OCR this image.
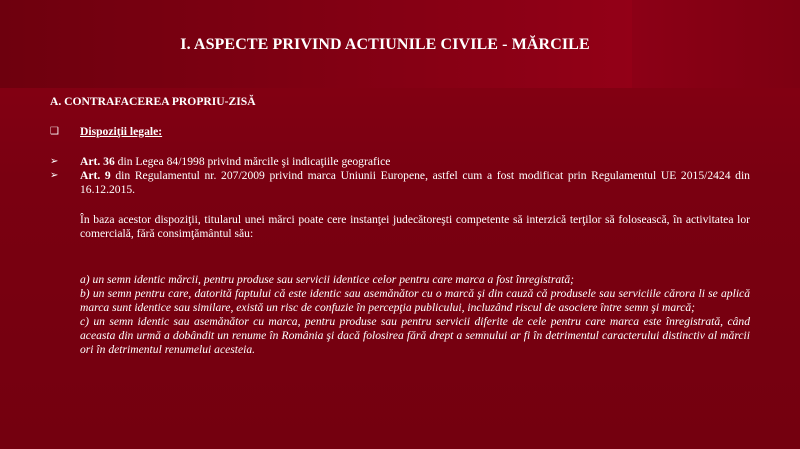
I. ASPECTE PRIVIND ACTIUNILE CIVILE - MĂRCILE
A. CONTRAFACEREA PROPRIU-ZISĂ
❑	Dispoziţii legale:
➢	Art. 36 din Legea 84/1998 privind mărcile şi indicaţiile geografice
➢	Art. 9 din Regulamentul nr. 207/2009 privind marca Uniunii Europene, astfel cum a fost modificat prin Regulamentul UE 2015/2424 din 16.12.2015.
În baza acestor dispoziţii, titularul unei mărci poate cere instanţei judecătoreşti competente să interzică terţilor să folosească, în activitatea lor comercială, fără consimţământul său:
a) un semn identic mărcii, pentru produse sau servicii identice celor pentru care marca a fost înregistrată;
b) un semn pentru care, datorită faptului că este identic sau asemănător cu o marcă şi din cauză că produsele sau serviciile cărora li se aplică marca sunt identice sau similare, există un risc de confuzie în percepţia publicului, incluzând riscul de asociere între semn şi marcă;
c) un semn identic sau asemănător cu marca, pentru produse sau pentru servicii diferite de cele pentru care marca este înregistrată, când aceasta din urmă a dobândit un renume în România şi dacă folosirea fără drept a semnului ar fi în detrimentul caracterului distinctiv al mărcii ori în detrimentul renumelui acesteia.
